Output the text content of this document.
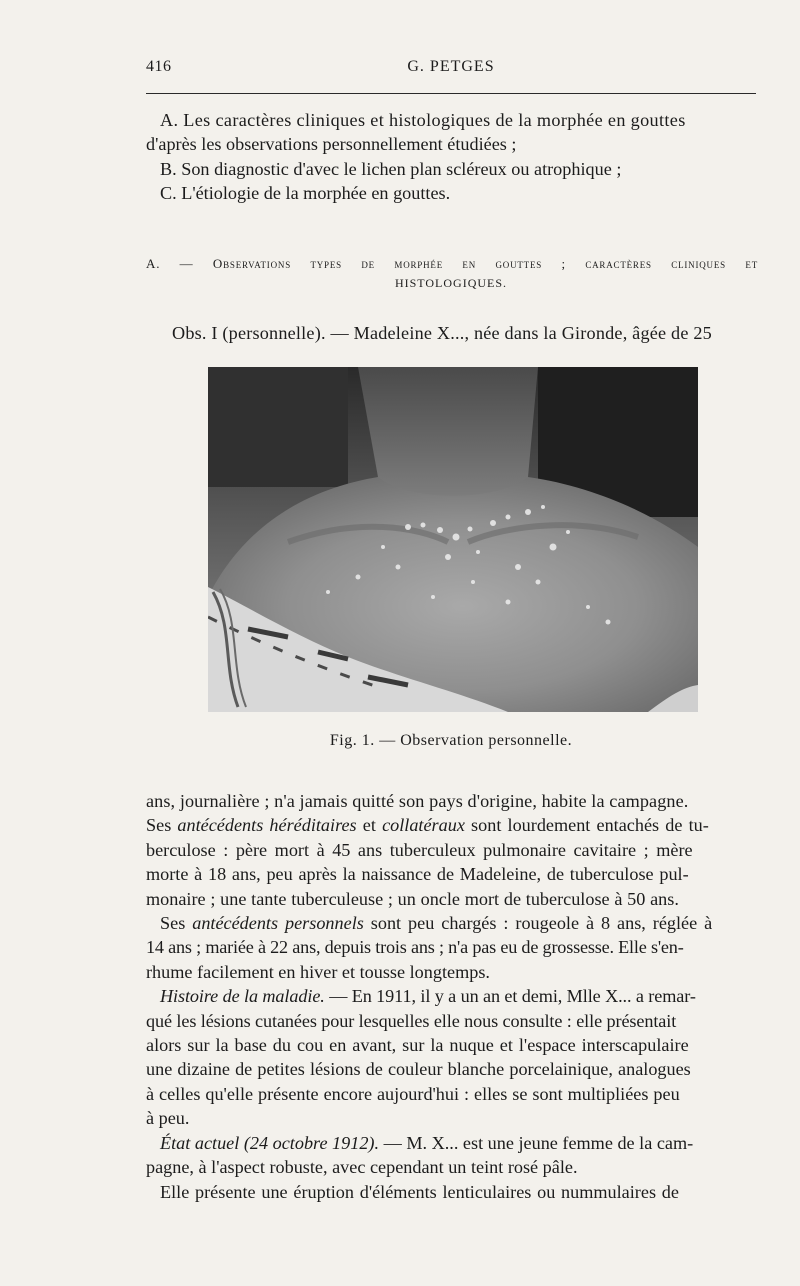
416	G. PETGES
A. Les caractères cliniques et histologiques de la morphée en gouttes
d'après les observations personnellement étudiées ;
B. Son diagnostic d'avec le lichen plan scléreux ou atrophique ;
C. L'étiologie de la morphée en gouttes.
A. — Observations types de morphée en gouttes ; caractères cliniques et
HISTOLOGIQUES.
Obs. I (personnelle). — Madeleine X..., née dans la Gironde, âgée de 25
Fig. 1. — Observation personnelle.
ans, journalière ; n'a jamais quitté son pays d'origine, habite la campagne.
Ses antécédents héréditaires et collatéraux sont lourdement entachés de tu-
berculose : père mort à 45 ans tuberculeux pulmonaire cavitaire ; mère
morte à 18 ans, peu après la naissance de Madeleine, de tuberculose pul-
monaire ; une tante tuberculeuse ; un oncle mort de tuberculose à 50 ans.
Ses antécédents personnels sont peu chargés : rougeole à 8 ans, réglée à
14 ans ; mariée à 22 ans, depuis trois ans ; n'a pas eu de grossesse. Elle s'en-
rhume facilement en hiver et tousse longtemps.
Histoire de la maladie. — En 1911, il y a un an et demi, Mlle X... a remar-
qué les lésions cutanées pour lesquelles elle nous consulte : elle présentait
alors sur la base du cou en avant, sur la nuque et l'espace interscapulaire
une dizaine de petites lésions de couleur blanche porcelainique, analogues
à celles qu'elle présente encore aujourd'hui : elles se sont multipliées peu
à peu.
État actuel (24 octobre 1912). — M. X... est une jeune femme de la cam-
pagne, à l'aspect robuste, avec cependant un teint rosé pâle.
Elle présente une éruption d'éléments lenticulaires ou nummulaires de
